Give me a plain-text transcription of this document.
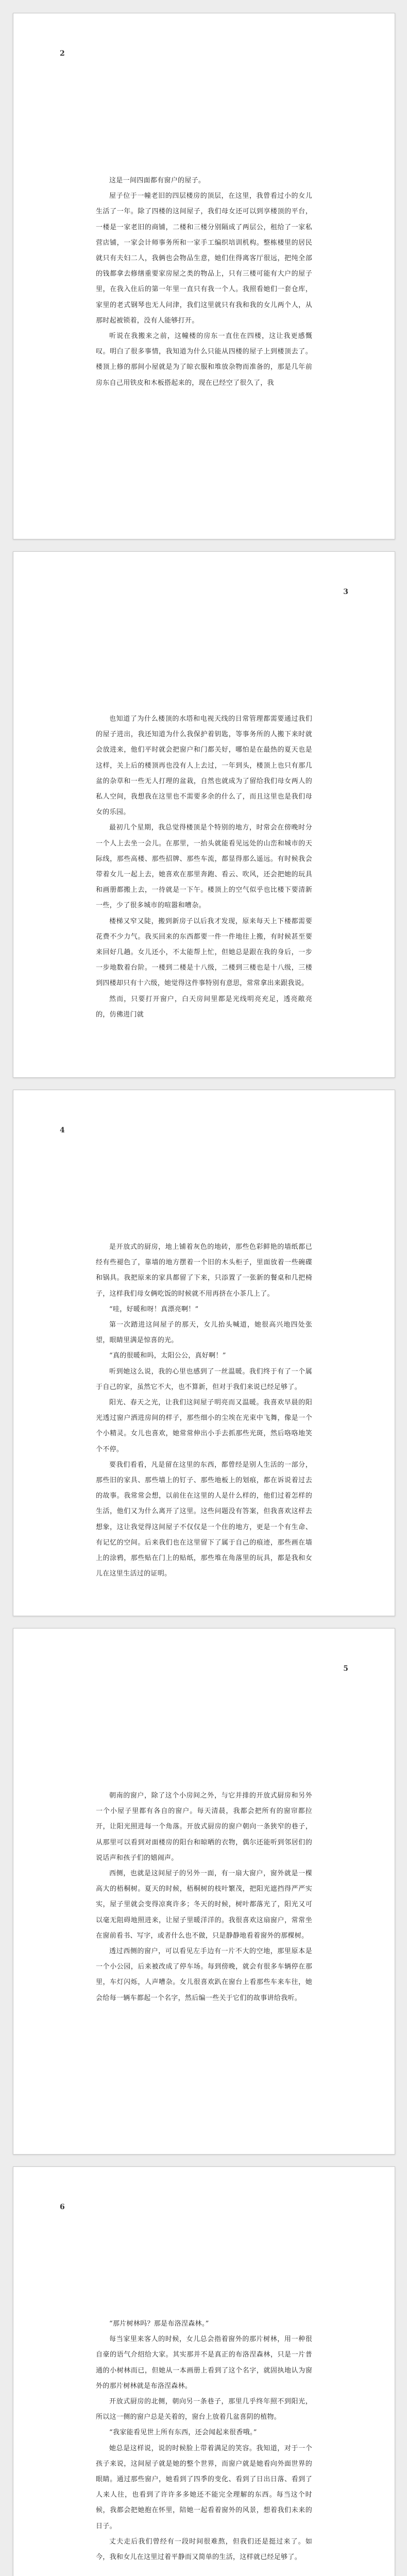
2

这是一间四面都有窗户的屋子。

屋子位于一幢老旧的四层楼房的顶层，在这里，我曾看过小的女儿生活了一年。除了四楼的这间屋子，我们母女还可以到享楼顶的平台，一楼是一家老旧的商铺，二楼和三楼分别隔成了两层公，租给了一家私营店铺，一家会计师事务所和一家手工编织培训机构。整栋楼里的居民就只有夫妇二人，我俩也会物品生意，她们住得离客厅很远，把纯全部的钱都拿去修缮重要家房屋之类的物品上，只有三楼可能有大户的屋子里，在我入住后的第一年里一直只有我一个人。我照看她们一套仓库，家里的老式钢琴也无人问津，我们这里就只有我和我的女儿两个人，从那时起被锁着，没有人能够打开。

听说在我搬来之前，这幢楼的房东一直住在四楼，这让我更感慨叹。明白了很多事情，我知道为什么只能从四楼的屋子上到楼顶去了。楼顶上修的那间小屋就是为了晾衣服和堆放杂物而准备的，那是几年前房东自己用铁皮和木板搭起来的，现在已经空了很久了，我

3

也知道了为什么楼顶的水塔和电视天线的日常管理都需要通过我们的屋子进出，我还知道为什么我保护着钥匙，等事务所的人搬下来时就会放进来，他们平时就会把窗户和门都关好，哪怕是在最热的夏天也是这样，关上后的楼顶再也没有人上去过，一年到头，楼顶上也只有那几盆的杂草和一些无人打理的盆栽，自然也就成为了留给我们母女两人的私人空间，我想我在这里也不需要多余的什么了，而且这里也是我们母女的乐园。

最初几个星期，我总觉得楼顶是个特别的地方，时常会在傍晚时分一个人上去坐一会儿。在那里，一抬头就能看见远处的山峦和城市的天际线，那些高楼、那些招牌、那些车流，都显得那么遥远。有时候我会带着女儿一起上去，她喜欢在那里奔跑、看云、吹风，还会把她的玩具和画册都搬上去，一待就是一下午。楼顶上的空气似乎也比楼下要清新一些，少了很多城市的喧嚣和嘈杂。

楼梯又窄又陡，搬到新房子以后我才发现，原来每天上下楼都需要花费不少力气。我买回来的东西都要一件一件地往上搬，有时候甚至要来回好几趟。女儿还小，不太能帮上忙，但她总是跟在我的身后，一步一步地数着台阶。一楼到二楼是十八级，二楼到三楼也是十八级，三楼到四楼却只有十六级，她觉得这件事特别有意思，常常拿出来跟我说。

然而，只要打开窗户，白天房间里都是光线明亮充足，透亮敞亮的，仿佛进门就

4

是开放式的厨房，地上铺着灰色的地砖，那些色彩鲜艳的墙纸都已经有些褪色了，靠墙的地方摆着一个旧的木头柜子，里面放着一些碗碟和锅具。我把原来的家具都留了下来，只添置了一张新的餐桌和几把椅子，这样我们母女俩吃饭的时候就不用再挤在小茶几上了。

“哇，好暖和呀！真漂亮啊！”

第一次踏进这间屋子的那天，女儿抬头喊道，她很高兴地四处张望，眼睛里满是惊喜的光。

“真的很暖和吗，太阳公公，真好啊！”

听到她这么说，我的心里也感到了一丝温暖。我们终于有了一个属于自己的家，虽然它不大，也不算新，但对于我们来说已经足够了。

阳光、春天之光，让我们这间屋子明亮而又温暖。我喜欢早晨的阳光透过窗户洒进房间的样子，那些细小的尘埃在光束中飞舞，像是一个个小精灵。女儿也喜欢，她常常伸出小手去抓那些光斑，然后咯咯地笑个不停。

要我们看看，凡是留在这里的东西，都曾经是别人生活的一部分，那些旧的家具、那些墙上的钉子、那些地板上的划痕，都在诉说着过去的故事。我常常会想，以前住在这里的人是什么样的，他们过着怎样的生活，他们又为什么离开了这里。这些问题没有答案，但我喜欢这样去想象，这让我觉得这间屋子不仅仅是一个住的地方，更是一个有生命、有记忆的空间。后来我们也在这里留下了属于自己的痕迹，那些画在墙上的涂鸦，那些贴在门上的贴纸，那些堆在角落里的玩具，都是我和女儿在这里生活过的证明。

5

朝南的窗户，除了这个小房间之外，与它并排的开放式厨房和另外一个小屋子里都有各自的窗户。每天清晨，我都会把所有的窗帘都拉开，让阳光照进每一个角落。开放式厨房的窗户朝向一条狭窄的巷子，从那里可以看到对面楼房的阳台和晾晒的衣物，偶尔还能听到邻居们的说话声和孩子们的嬉闹声。

西侧，也就是这间屋子的另外一面，有一扇大窗户，窗外就是一棵高大的梧桐树。夏天的时候，梧桐树的枝叶繁茂，把阳光遮挡得严严实实，屋子里就会变得凉爽许多；冬天的时候，树叶都落光了，阳光又可以毫无阻碍地照进来，让屋子里暖洋洋的。我很喜欢这扇窗户，常常坐在窗前看书、写字，或者什么也不做，只是静静地看着窗外的那棵树。

透过西侧的窗户，可以看见左手边有一片不大的空地，那里原本是一个小公园，后来被改成了停车场。每到傍晚，就会有很多车辆停在那里，车灯闪烁，人声嘈杂。女儿很喜欢趴在窗台上看那些车来车往，她会给每一辆车都起一个名字，然后编一些关于它们的故事讲给我听。

6

“那片树林吗？那是布洛涅森林。”

每当家里来客人的时候，女儿总会指着窗外的那片树林，用一种很自豪的语气介绍给大家。其实那并不是真正的布洛涅森林，只是一片普通的小树林而已，但她从一本画册上看到了这个名字，就固执地认为窗外的那片树林就是布洛涅森林。

开放式厨房的北侧，朝向另一条巷子，那里几乎终年照不到阳光，所以这一侧的窗户总是关着的，窗台上放着几盆喜阴的植物。

“我家能看见世上所有东西，还会闻起来很香哦。”

她总是这样说，说的时候脸上带着满足的笑容。我知道，对于一个孩子来说，这间屋子就是她的整个世界，而窗户就是她看向外面世界的眼睛。通过那些窗户，她看到了四季的变化、看到了日出日落、看到了人来人往，也看到了许许多多她还不能完全理解的东西。每当这个时候，我都会把她抱在怀里，陪她一起看着窗外的风景，想着我们未来的日子。

丈夫走后我们曾经有一段时间很难熬，但我们还是挺过来了。如今，我和女儿在这里过着平静而又简单的生活，这样就已经足够了。
